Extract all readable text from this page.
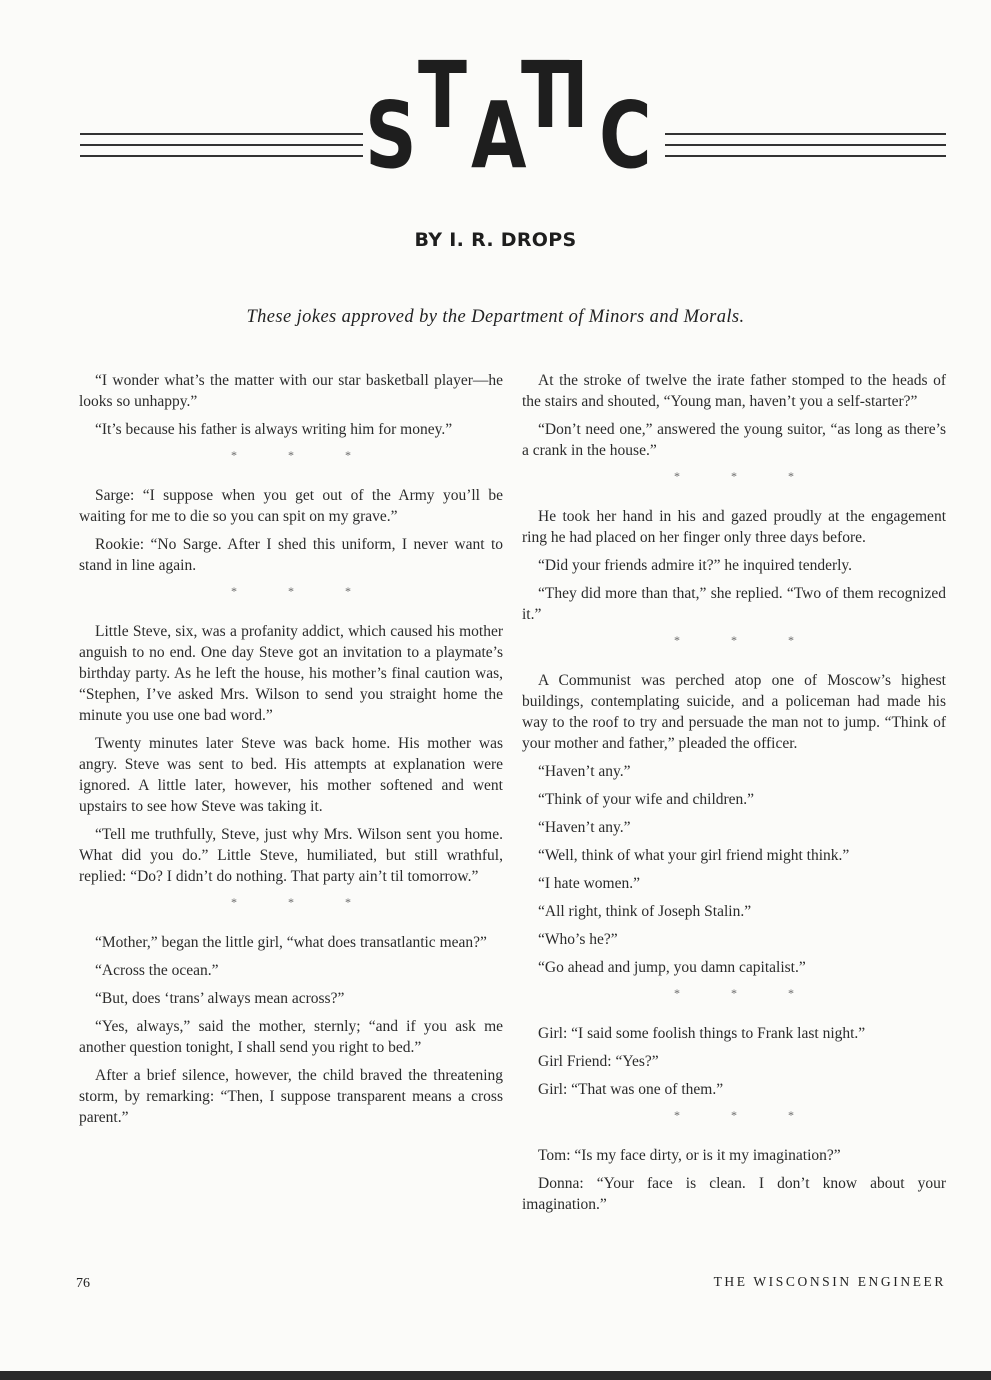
S T A
T
I C
BY I. R. DROPS
These jokes approved by the Department of Minors and Morals.

“I wonder what’s the matter with our star basketball player—he looks so unhappy.”

“It’s because his father is always writing him for money.”

* * *

Sarge: “I suppose when you get out of the Army you’ll be waiting for me to die so you can spit on my grave.”

Rookie: “No Sarge. After I shed this uniform, I never want to stand in line again.

* * *

Little Steve, six, was a profanity addict, which caused his mother anguish to no end. One day Steve got an invitation to a playmate’s birthday party. As he left the house, his mother’s final caution was, “Stephen, I’ve asked Mrs. Wilson to send you straight home the minute you use one bad word.”

Twenty minutes later Steve was back home. His mother was angry. Steve was sent to bed. His attempts at explanation were ignored. A little later, however, his mother softened and went upstairs to see how Steve was taking it.

“Tell me truthfully, Steve, just why Mrs. Wilson sent you home. What did you do.” Little Steve, humiliated, but still wrathful, replied: “Do? I didn’t do nothing. That party ain’t til tomorrow.”

* * *

“Mother,” began the little girl, “what does transatlantic mean?”

“Across the ocean.”

“But, does ‘trans’ always mean across?”

“Yes, always,” said the mother, sternly; “and if you ask me another question tonight, I shall send you right to bed.”

After a brief silence, however, the child braved the threatening storm, by remarking: “Then, I suppose transparent means a cross parent.”

At the stroke of twelve the irate father stomped to the heads of the stairs and shouted, “Young man, haven’t you a self-starter?”

“Don’t need one,” answered the young suitor, “as long as there’s a crank in the house.”

* * *

He took her hand in his and gazed proudly at the engagement ring he had placed on her finger only three days before.

“Did your friends admire it?” he inquired tenderly.

“They did more than that,” she replied. “Two of them recognized it.”

* * *

A Communist was perched atop one of Moscow’s highest buildings, contemplating suicide, and a policeman had made his way to the roof to try and persuade the man not to jump. “Think of your mother and father,” pleaded the officer.

“Haven’t any.”

“Think of your wife and children.”

“Haven’t any.”

“Well, think of what your girl friend might think.”

“I hate women.”

“All right, think of Joseph Stalin.”

“Who’s he?”

“Go ahead and jump, you damn capitalist.”

* * *

Girl: “I said some foolish things to Frank last night.”

Girl Friend: “Yes?”

Girl: “That was one of them.”

* * *

Tom: “Is my face dirty, or is it my imagination?”

Donna: “Your face is clean. I don’t know about your imagination.”

76	THE WISCONSIN ENGINEER
